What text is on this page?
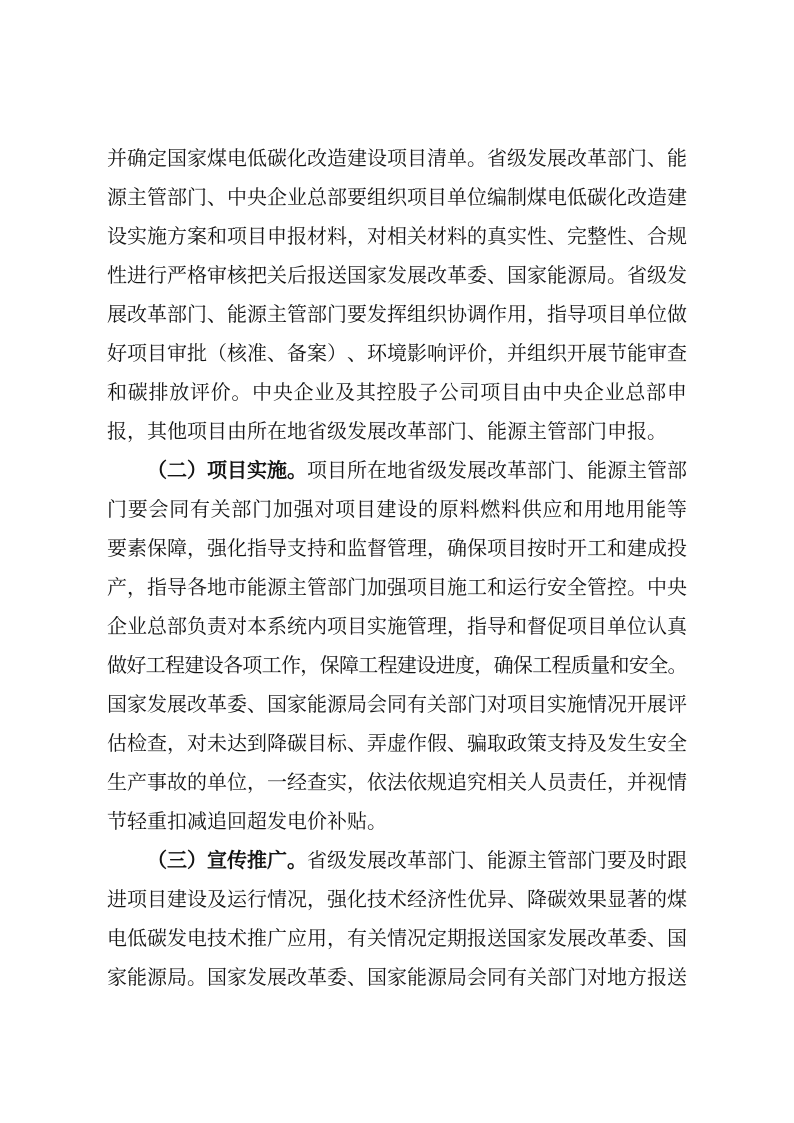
并 确 定 国 家 煤 电 低 碳 化 改 造 建 设 项 目 清 单 。 省 级 发 展 改 革 部 门 、 能
源 主 管 部 门 、 中 央 企 业 总 部 要 组 织 项 目 单 位 编 制 煤 电 低 碳 化 改 造 建
设 实 施 方 案 和 项 目 申 报 材 料 ， 对 相 关 材 料 的 真 实 性 、 完 整 性 、 合 规
性 进 行 严 格 审 核 把 关 后 报 送 国 家 发 展 改 革 委 、 国 家 能 源 局 。 省 级 发
展 改 革 部 门 、 能 源 主 管 部 门 要 发 挥 组 织 协 调 作 用 ， 指 导 项 目 单 位 做
好 项 目 审 批 （ 核 准 、 备 案 ） 、 环 境 影 响 评 价 ， 并 组 织 开 展 节 能 审 查
和 碳 排 放 评 价 。 中 央 企 业 及 其 控 股 子 公 司 项 目 由 中 央 企 业 总 部 申
报 ， 其 他 项 目 由 所 在 地 省 级 发 展 改 革 部 门 、 能 源 主 管 部 门 申 报 。
（ 二 ） 项 目 实 施 。 项 目 所 在 地 省 级 发 展 改 革 部 门 、 能 源 主 管 部
门 要 会 同 有 关 部 门 加 强 对 项 目 建 设 的 原 料 燃 料 供 应 和 用 地 用 能 等
要 素 保 障 ， 强 化 指 导 支 持 和 监 督 管 理 ， 确 保 项 目 按 时 开 工 和 建 成 投
产 ， 指 导 各 地 市 能 源 主 管 部 门 加 强 项 目 施 工 和 运 行 安 全 管 控 。 中 央
企 业 总 部 负 责 对 本 系 统 内 项 目 实 施 管 理 ， 指 导 和 督 促 项 目 单 位 认 真
做 好 工 程 建 设 各 项 工 作 ， 保 障 工 程 建 设 进 度 ， 确 保 工 程 质 量 和 安 全 。
国 家 发 展 改 革 委 、 国 家 能 源 局 会 同 有 关 部 门 对 项 目 实 施 情 况 开 展 评
估 检 查 ， 对 未 达 到 降 碳 目 标 、 弄 虚 作 假 、 骗 取 政 策 支 持 及 发 生 安 全
生 产 事 故 的 单 位 ， 一 经 查 实 ， 依 法 依 规 追 究 相 关 人 员 责 任 ， 并 视 情
节 轻 重 扣 减 追 回 超 发 电 价 补 贴 。
（ 三 ） 宣 传 推 广 。 省 级 发 展 改 革 部 门 、 能 源 主 管 部 门 要 及 时 跟
进 项 目 建 设 及 运 行 情 况 ， 强 化 技 术 经 济 性 优 异 、 降 碳 效 果 显 著 的 煤
电 低 碳 发 电 技 术 推 广 应 用 ， 有 关 情 况 定 期 报 送 国 家 发 展 改 革 委 、 国
家 能 源 局 。 国 家 发 展 改 革 委 、 国 家 能 源 局 会 同 有 关 部 门 对 地 方 报 送
